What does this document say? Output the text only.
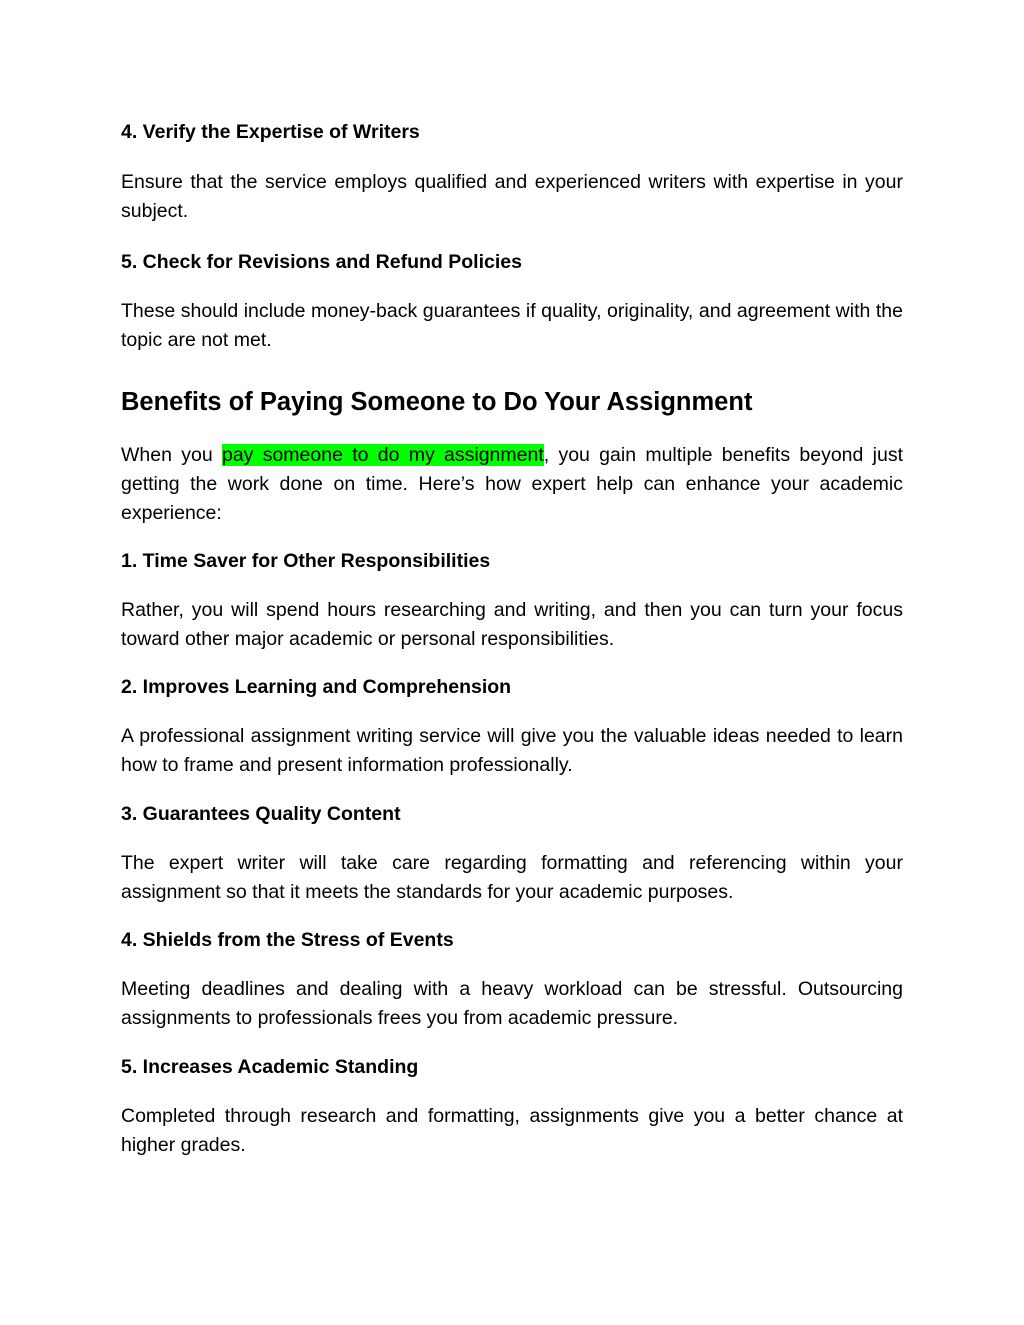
4. Verify the Expertise of Writers
Ensure that the service employs qualified and experienced writers with expertise in your subject.
5. Check for Revisions and Refund Policies
These should include money-back guarantees if quality, originality, and agreement with the topic are not met.
Benefits of Paying Someone to Do Your Assignment
When you pay someone to do my assignment, you gain multiple benefits beyond just getting the work done on time. Here’s how expert help can enhance your academic experience:
1. Time Saver for Other Responsibilities
Rather, you will spend hours researching and writing, and then you can turn your focus toward other major academic or personal responsibilities.
2. Improves Learning and Comprehension
A professional assignment writing service will give you the valuable ideas needed to learn how to frame and present information professionally.
3. Guarantees Quality Content
The expert writer will take care regarding formatting and referencing within your assignment so that it meets the standards for your academic purposes.
4. Shields from the Stress of Events
Meeting deadlines and dealing with a heavy workload can be stressful. Outsourcing assignments to professionals frees you from academic pressure.
5. Increases Academic Standing
Completed through research and formatting, assignments give you a better chance at higher grades.
